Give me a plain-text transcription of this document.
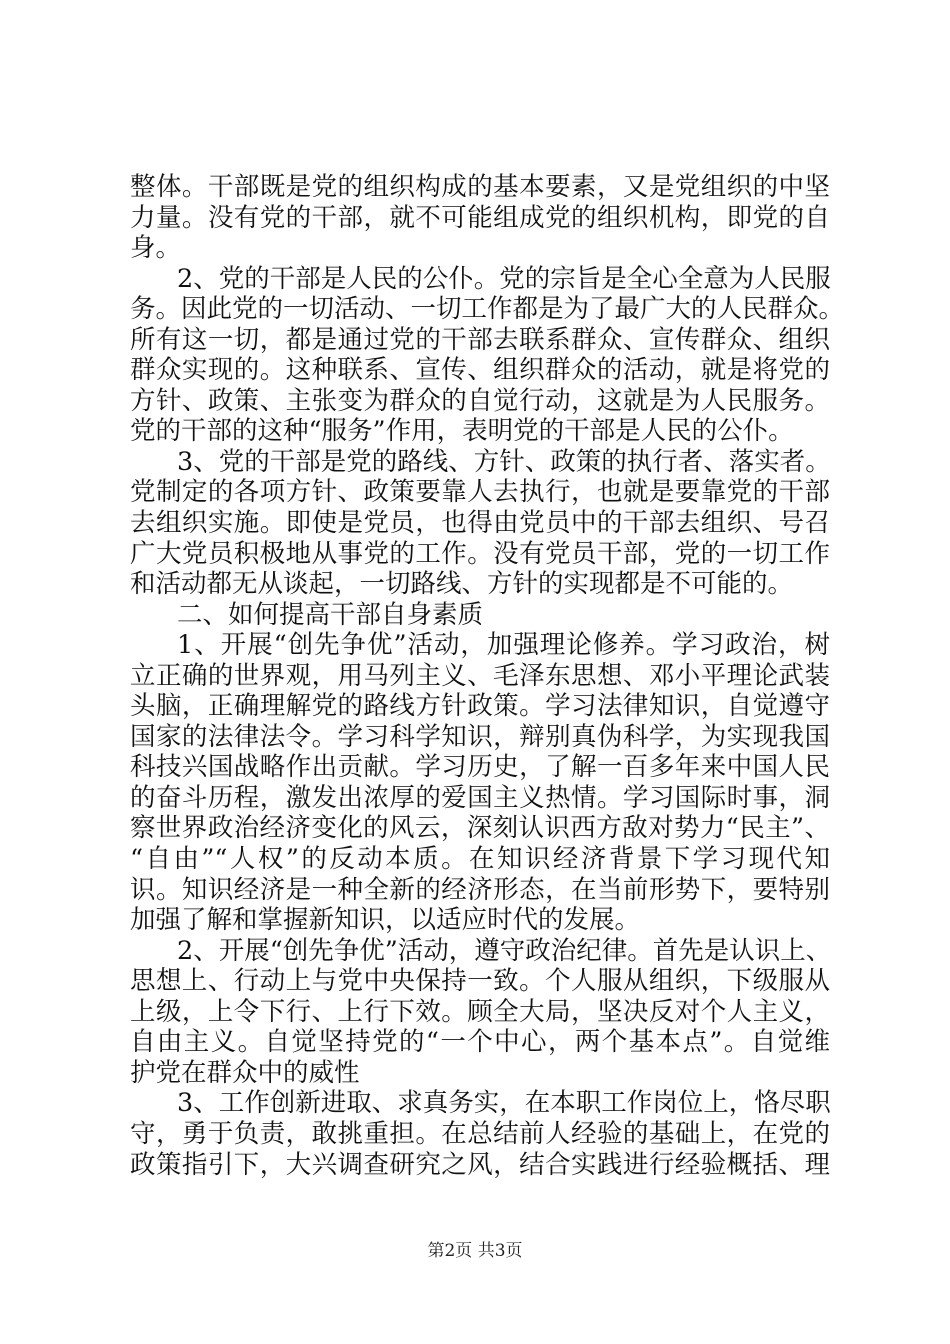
整体。干部既是党的组织构成的基本要素，又是党组织的中坚
力量。没有党的干部，就不可能组成党的组织机构，即党的自
身。
2、党的干部是人民的公仆。党的宗旨是全心全意为人民服
务。因此党的一切活动、一切工作都是为了最广大的人民群众。
所有这一切，都是通过党的干部去联系群众、宣传群众、组织
群众实现的。这种联系、宣传、组织群众的活动，就是将党的
方针、政策、主张变为群众的自觉行动，这就是为人民服务。
党的干部的这种“服务”作用，表明党的干部是人民的公仆。
3、党的干部是党的路线、方针、政策的执行者、落实者。
党制定的各项方针、政策要靠人去执行，也就是要靠党的干部
去组织实施。即使是党员，也得由党员中的干部去组织、号召
广大党员积极地从事党的工作。没有党员干部，党的一切工作
和活动都无从谈起，一切路线、方针的实现都是不可能的。
二、如何提高干部自身素质
1、开展“创先争优”活动，加强理论修养。学习政治，树
立正确的世界观，用马列主义、毛泽东思想、邓小平理论武装
头脑，正确理解党的路线方针政策。学习法律知识，自觉遵守
国家的法律法令。学习科学知识，辩别真伪科学，为实现我国
科技兴国战略作出贡献。学习历史，了解一百多年来中国人民
的奋斗历程，激发出浓厚的爱国主义热情。学习国际时事，洞
察世界政治经济变化的风云，深刻认识西方敌对势力“民主”、
“自由”“人权”的反动本质。在知识经济背景下学习现代知
识。知识经济是一种全新的经济形态，在当前形势下，要特别
加强了解和掌握新知识，以适应时代的发展。
2、开展“创先争优”活动，遵守政治纪律。首先是认识上、
思想上、行动上与党中央保持一致。个人服从组织，下级服从
上级，上令下行、上行下效。顾全大局，坚决反对个人主义，
自由主义。自觉坚持党的“一个中心，两个基本点”。自觉维
护党在群众中的威性
3、工作创新进取、求真务实，在本职工作岗位上，恪尽职
守，勇于负责，敢挑重担。在总结前人经验的基础上，在党的
政策指引下，大兴调查研究之风，结合实践进行经验概括、理
第2页 共3页
